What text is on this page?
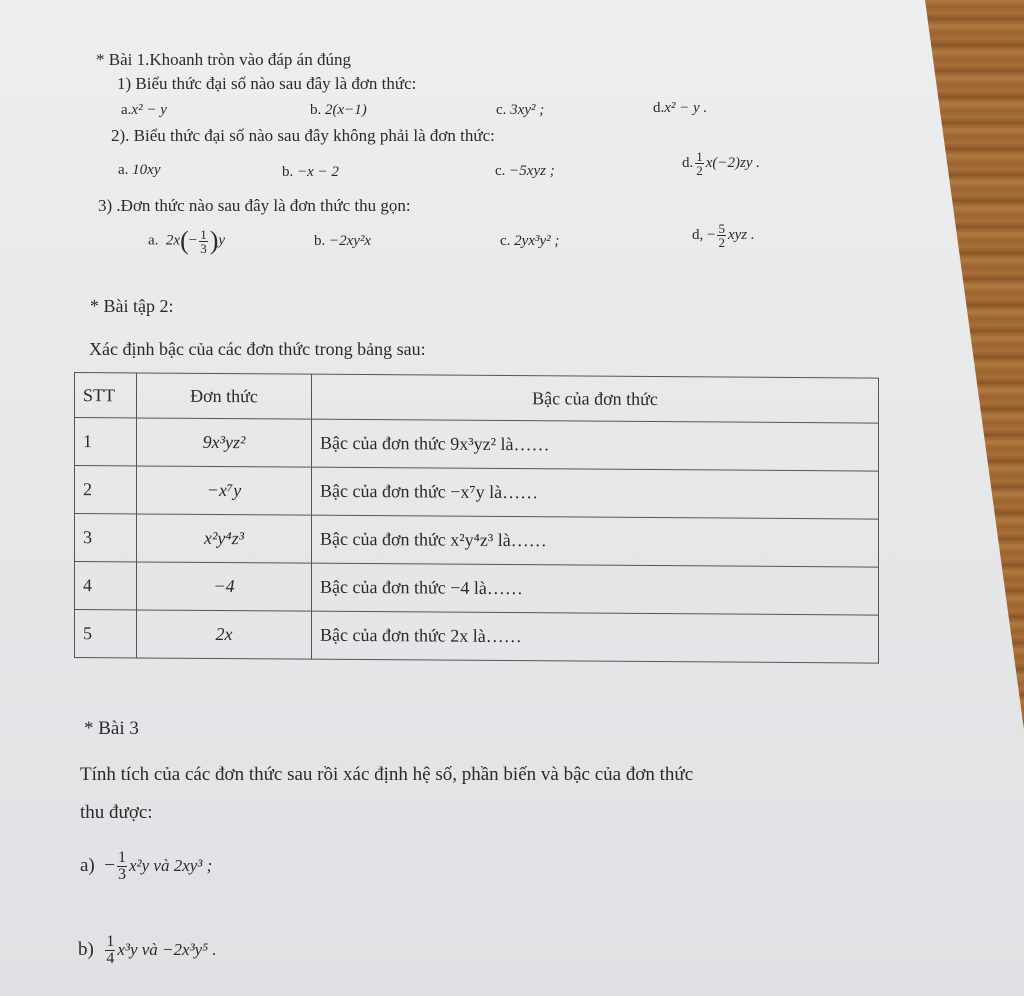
* Bài 1.Khoanh tròn vào đáp án đúng
1) Biểu thức đại số nào sau đây là đơn thức:
a.x² − y	b. 2(x−1)	c. 3xy² ;	d.x² − y .
2). Biểu thức đại số nào sau đây không phải là đơn thức:
a. 10xy	b. −x − 2	c. −5xyz ;
d. $\frac{1}{2} x(-2)zy$ .
3) .Đơn thức nào sau đây là đơn thức thu gọn:
a. $2x(- \frac{1}{3} )y$	b. −2xy²x	c. 2yx³y² ;	d, − $\frac{5}{2}$ xyz .
* Bài tập 2:
Xác định bậc của các đơn thức trong bảng sau:
STT	Đơn thức	Bậc của đơn thức
1	9x³yz²	Bậc của đơn thức 9x³yz² là……
2	−x⁷y	Bậc của đơn thức −x⁷y là……
3	x²y⁴z³	Bậc của đơn thức x²y⁴z³ là……
4	−4	Bậc của đơn thức −4 là……
5	2x	Bậc của đơn thức 2x là……
* Bài 3
Tính tích của các đơn thức sau rồi xác định hệ số, phần biến và bậc của đơn thức
thu được:
$a) - \frac{1}{3} x^2y$ và 2xy³ ;
$b) \frac{1}{4} x^3y$ và −2x³y⁵ .
